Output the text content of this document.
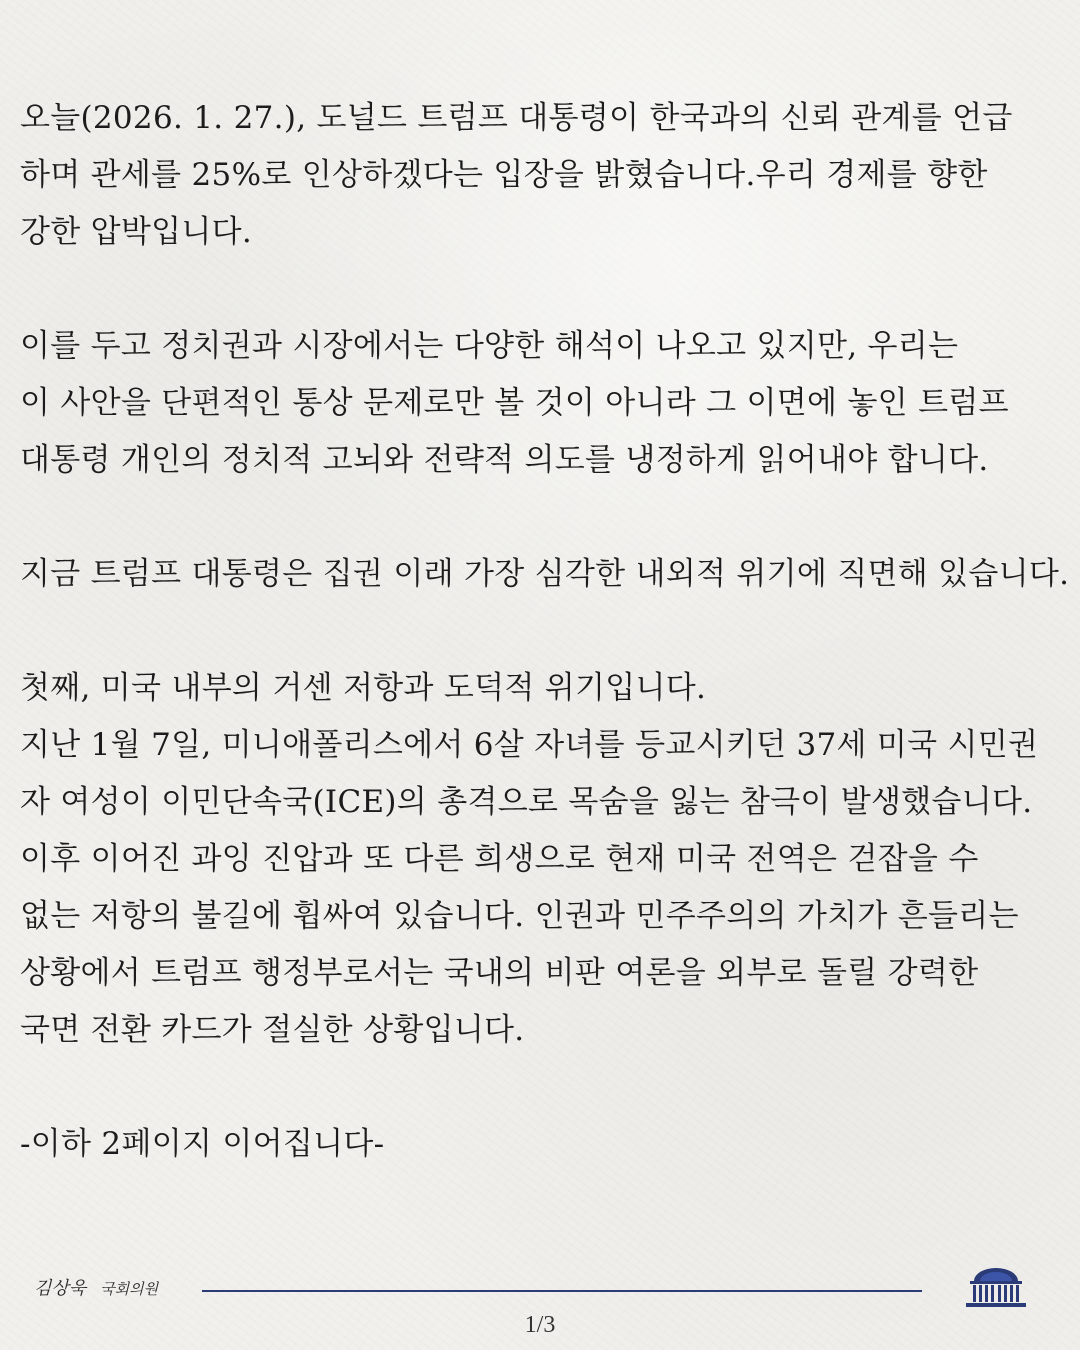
오늘(2026. 1. 27.), 도널드 트럼프 대통령이 한국과의 신뢰 관계를 언급
하며 관세를 25%로 인상하겠다는 입장을 밝혔습니다.우리 경제를 향한
강한 압박입니다.
이를 두고 정치권과 시장에서는 다양한 해석이 나오고 있지만, 우리는
이 사안을 단편적인 통상 문제로만 볼 것이 아니라 그 이면에 놓인 트럼프
대통령 개인의 정치적 고뇌와 전략적 의도를 냉정하게 읽어내야 합니다.
지금 트럼프 대통령은 집권 이래 가장 심각한 내외적 위기에 직면해 있습니다.
첫째, 미국 내부의 거센 저항과 도덕적 위기입니다.
지난 1월 7일, 미니애폴리스에서 6살 자녀를 등교시키던 37세 미국 시민권
자 여성이 이민단속국(ICE)의 총격으로 목숨을 잃는 참극이 발생했습니다.
이후 이어진 과잉 진압과 또 다른 희생으로 현재 미국 전역은 걷잡을 수
없는 저항의 불길에 휩싸여 있습니다. 인권과 민주주의의 가치가 흔들리는
상황에서 트럼프 행정부로서는 국내의 비판 여론을 외부로 돌릴 강력한
국면 전환 카드가 절실한 상황입니다.
-이하 2페이지 이어집니다-
김상욱 국회의원
1/3
